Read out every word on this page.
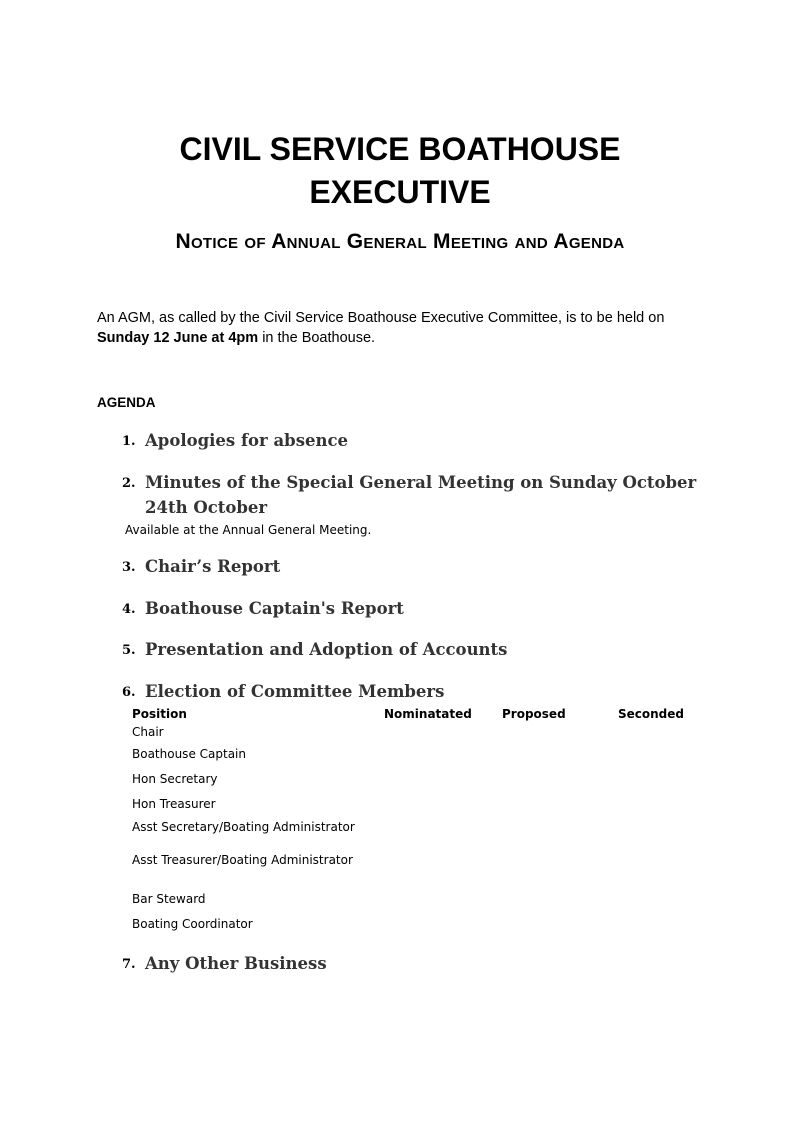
CIVIL SERVICE BOATHOUSE
EXECUTIVE
Notice of Annual General Meeting and Agenda

An AGM, as called by the Civil Service Boathouse Executive Committee, is to be held on
Sunday 12 June at 4pm in the Boathouse.

AGENDA
1. Apologies for absence
2. Minutes of the Special General Meeting on Sunday October 24th October
Available at the Annual General Meeting.
3. Chair’s Report
4. Boathouse Captain's Report
5. Presentation and Adoption of Accounts
6. Election of Committee Members
Position	Nominatated	Proposed	Seconded
Chair
Boathouse Captain
Hon Secretary
Hon Treasurer
Asst Secretary/Boating Administrator
Asst Treasurer/Boating Administrator
Bar Steward
Boating Coordinator
7. Any Other Business
